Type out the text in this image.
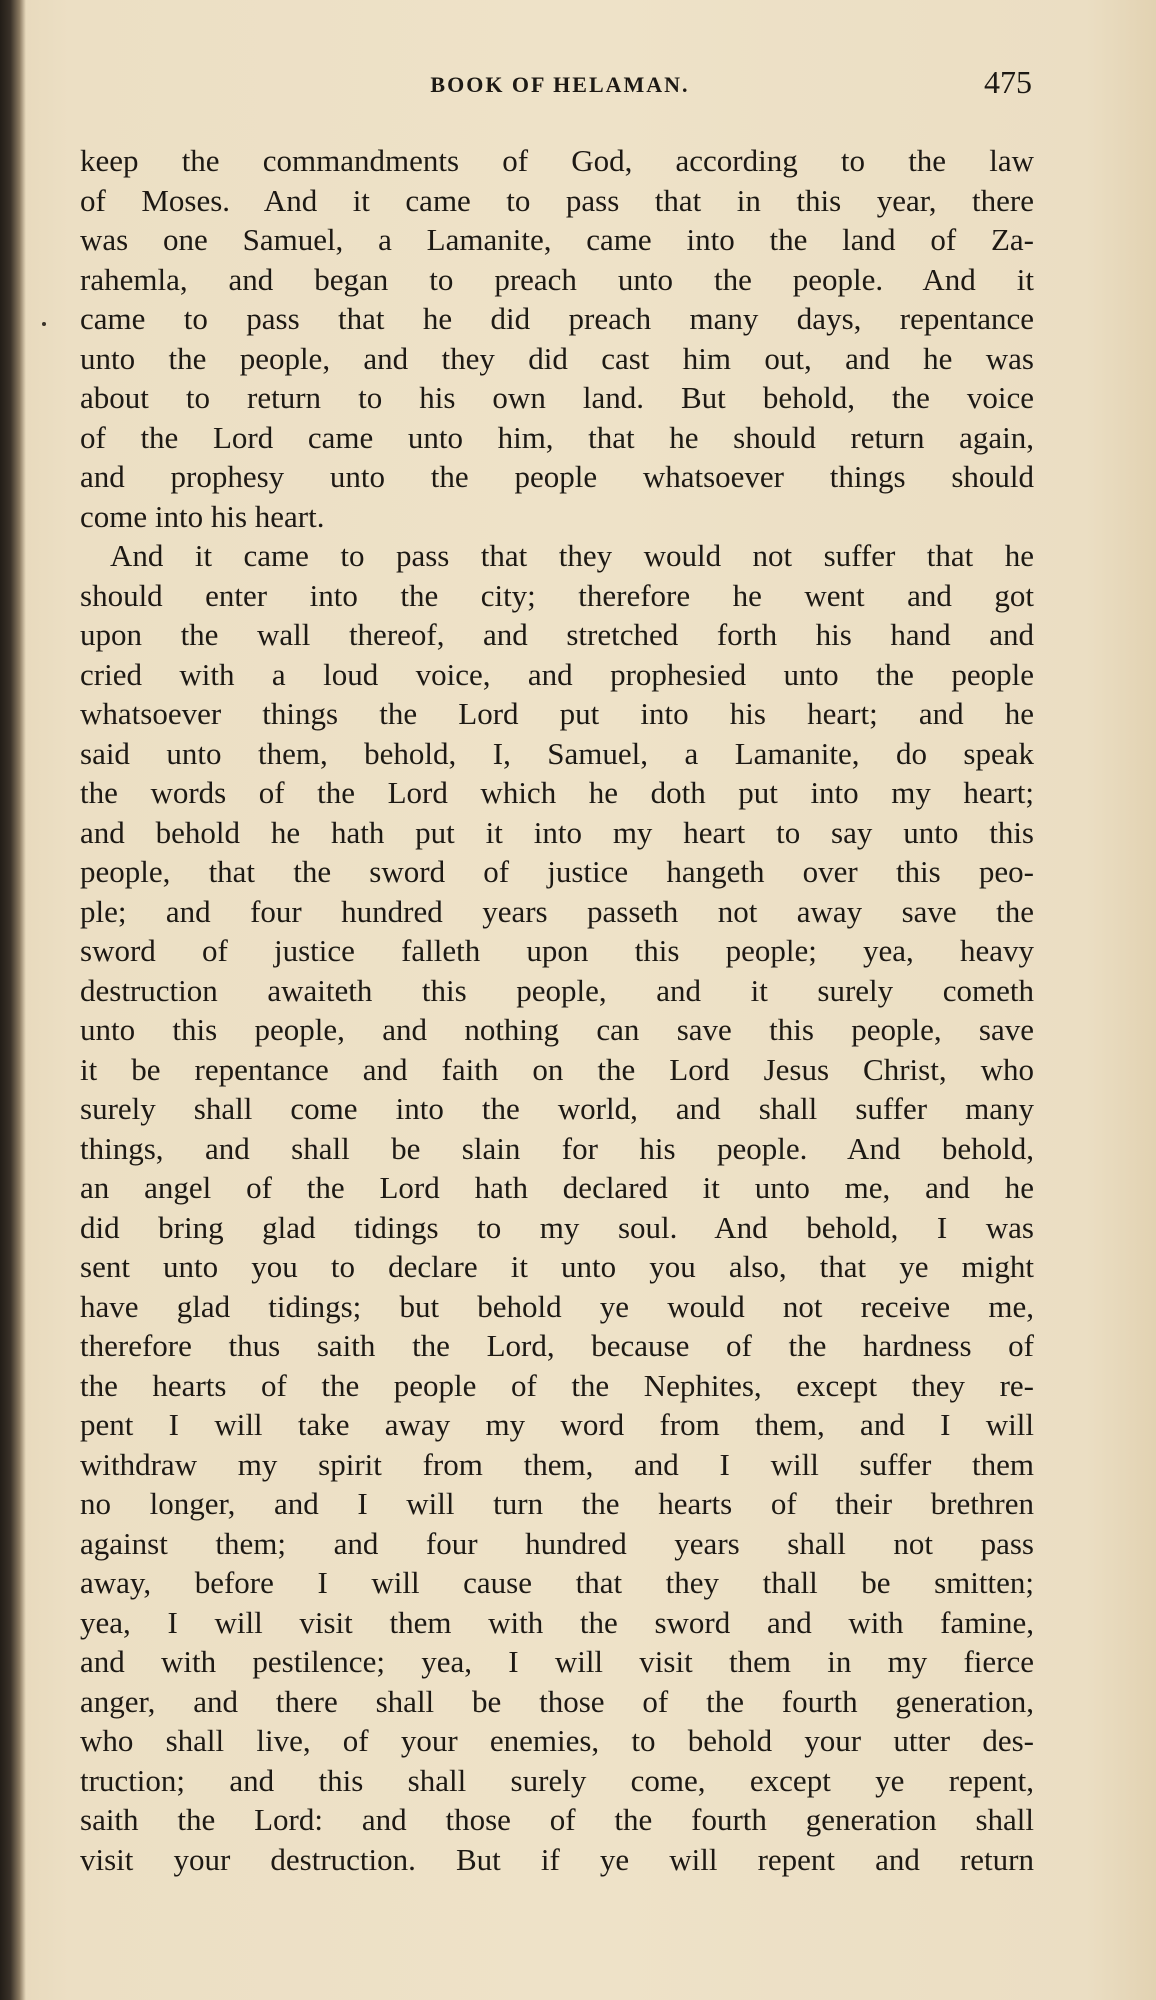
BOOK OF HELAMAN.	475
keep the commandments of God, according to the law
of Moses. And it came to pass that in this year, there
was one Samuel, a Lamanite, came into the land of Za-
rahemla, and began to preach unto the people. And it
came to pass that he did preach many days, repentance
unto the people, and they did cast him out, and he was
about to return to his own land. But behold, the voice
of the Lord came unto him, that he should return again,
and prophesy unto the people whatsoever things should
come into his heart.
And it came to pass that they would not suffer that he
should enter into the city; therefore he went and got
upon the wall thereof, and stretched forth his hand and
cried with a loud voice, and prophesied unto the people
whatsoever things the Lord put into his heart; and he
said unto them, behold, I, Samuel, a Lamanite, do speak
the words of the Lord which he doth put into my heart;
and behold he hath put it into my heart to say unto this
people, that the sword of justice hangeth over this peo-
ple; and four hundred years passeth not away save the
sword of justice falleth upon this people; yea, heavy
destruction awaiteth this people, and it surely cometh
unto this people, and nothing can save this people, save
it be repentance and faith on the Lord Jesus Christ, who
surely shall come into the world, and shall suffer many
things, and shall be slain for his people. And behold,
an angel of the Lord hath declared it unto me, and he
did bring glad tidings to my soul. And behold, I was
sent unto you to declare it unto you also, that ye might
have glad tidings; but behold ye would not receive me,
therefore thus saith the Lord, because of the hardness of
the hearts of the people of the Nephites, except they re-
pent I will take away my word from them, and I will
withdraw my spirit from them, and I will suffer them
no longer, and I will turn the hearts of their brethren
against them; and four hundred years shall not pass
away, before I will cause that they thall be smitten;
yea, I will visit them with the sword and with famine,
and with pestilence; yea, I will visit them in my fierce
anger, and there shall be those of the fourth generation,
who shall live, of your enemies, to behold your utter des-
truction; and this shall surely come, except ye repent,
saith the Lord: and those of the fourth generation shall
visit your destruction. But if ye will repent and return
